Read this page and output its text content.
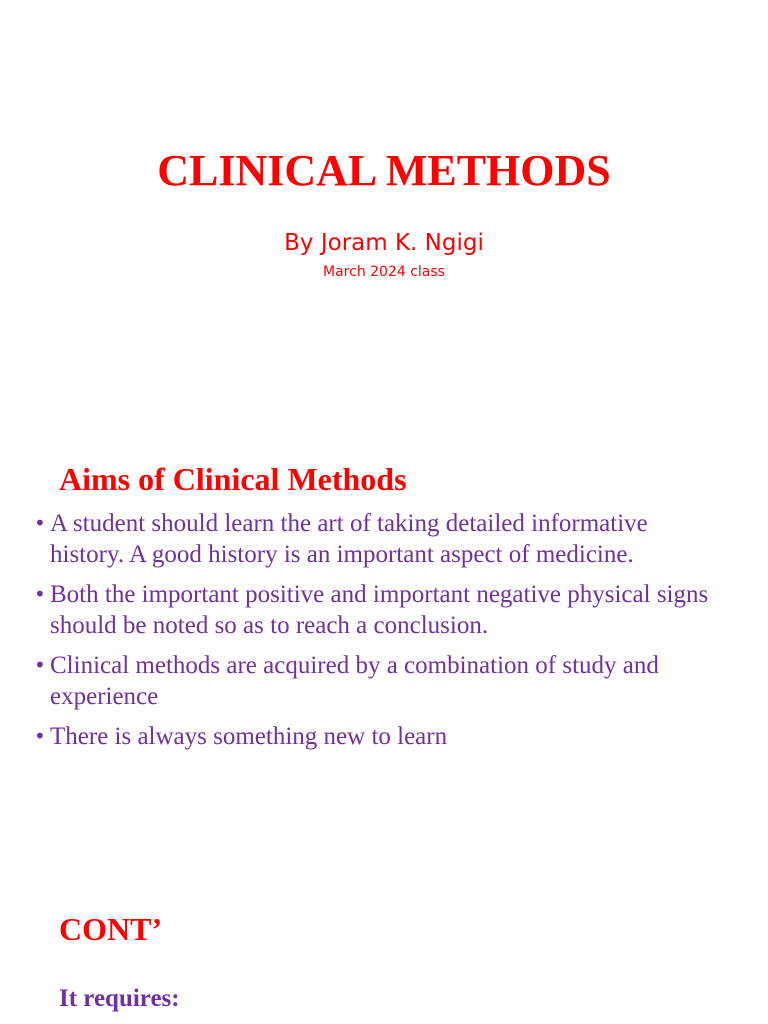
CLINICAL METHODS
By Joram K. Ngigi
March 2024 class
Aims of Clinical Methods
• A student should learn the art of taking detailed informative history. A good history is an important aspect of medicine.
• Both the important positive and important negative physical signs should be noted so as to reach a conclusion.
• Clinical methods are acquired by a combination of study and experience
• There is always something new to learn
CONT’
It requires:
